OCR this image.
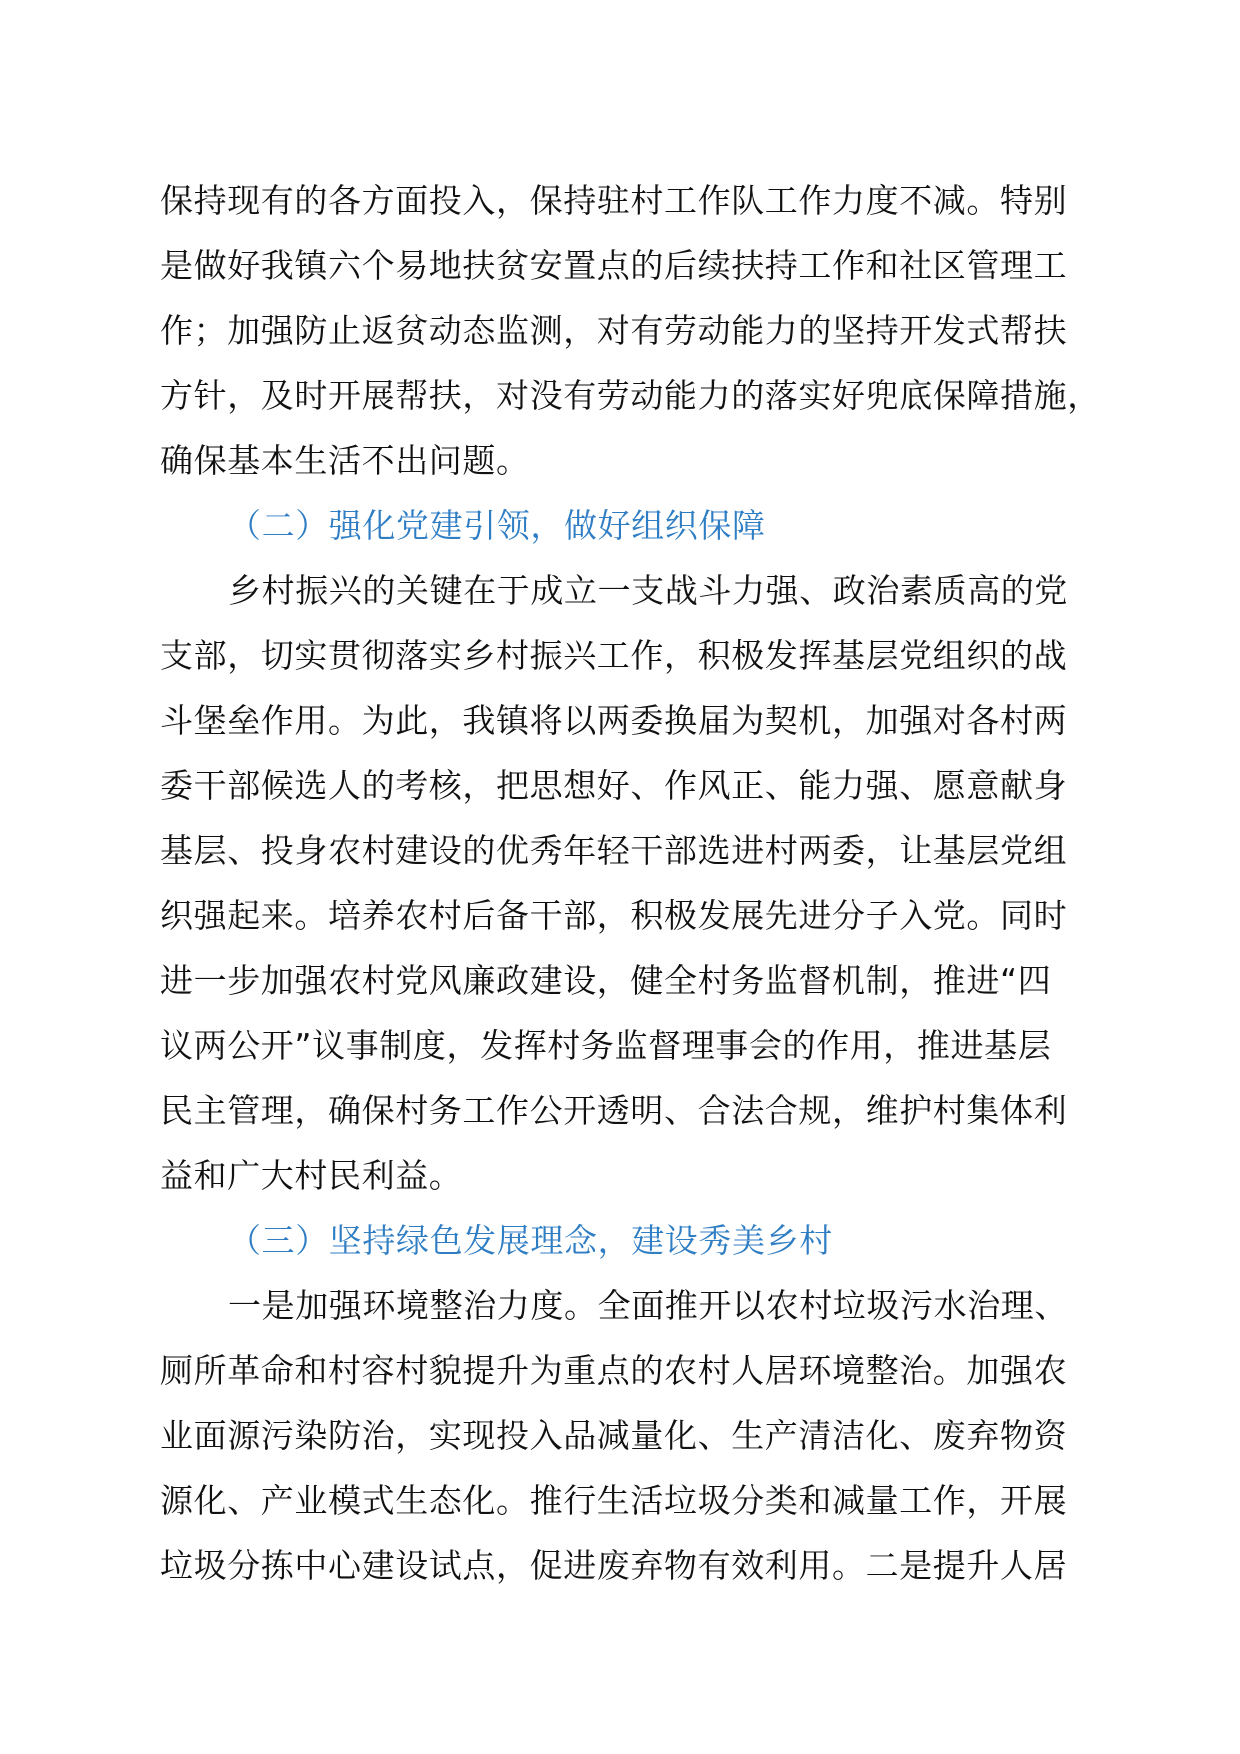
保持现有的各方面投入，保持驻村工作队工作力度不减。特别
是做好我镇六个易地扶贫安置点的后续扶持工作和社区管理工
作；加强防止返贫动态监测，对有劳动能力的坚持开发式帮扶
方针，及时开展帮扶，对没有劳动能力的落实好兜底保障措施，
确保基本生活不出问题。
（二）强化党建引领，做好组织保障
乡村振兴的关键在于成立一支战斗力强、政治素质高的党
支部，切实贯彻落实乡村振兴工作，积极发挥基层党组织的战
斗堡垒作用。为此，我镇将以两委换届为契机，加强对各村两
委干部候选人的考核，把思想好、作风正、能力强、愿意献身
基层、投身农村建设的优秀年轻干部选进村两委，让基层党组
织强起来。培养农村后备干部，积极发展先进分子入党。同时
进一步加强农村党风廉政建设，健全村务监督机制，推进“四
议两公开”议事制度，发挥村务监督理事会的作用，推进基层
民主管理，确保村务工作公开透明、合法合规，维护村集体利
益和广大村民利益。
（三）坚持绿色发展理念，建设秀美乡村
一是加强环境整治力度。全面推开以农村垃圾污水治理、
厕所革命和村容村貌提升为重点的农村人居环境整治。加强农
业面源污染防治，实现投入品减量化、生产清洁化、废弃物资
源化、产业模式生态化。推行生活垃圾分类和减量工作，开展
垃圾分拣中心建设试点，促进废弃物有效利用。二是提升人居
